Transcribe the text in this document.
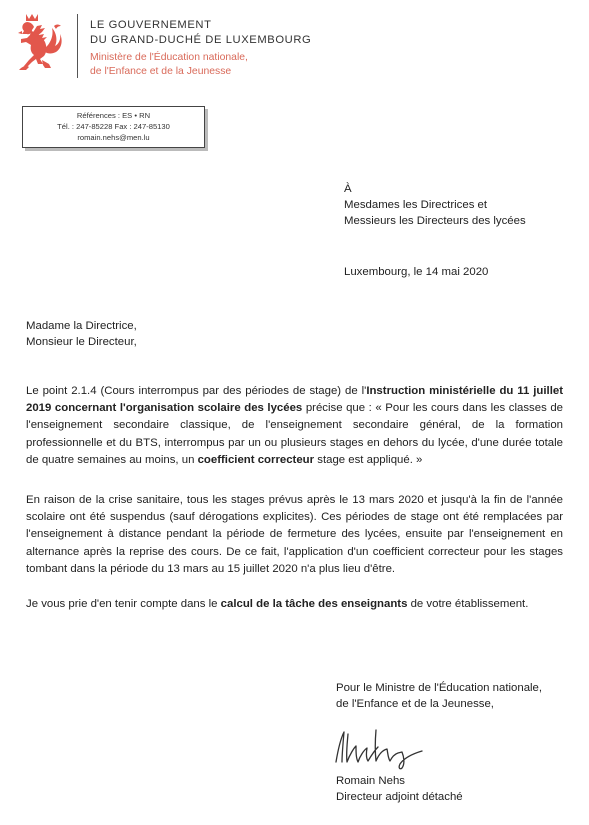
LE GOUVERNEMENT
DU GRAND-DUCHÉ DE LUXEMBOURG
Ministère de l'Éducation nationale,
de l'Enfance et de la Jeunesse
Références : ES • RN
Tél. : 247-85228 Fax : 247-85130
romain.nehs@men.lu
À
Mesdames les Directrices et
Messieurs les Directeurs des lycées
Luxembourg, le 14 mai 2020
Madame la Directrice,
Monsieur le Directeur,
Le point 2.1.4 (Cours interrompus par des périodes de stage) de l'Instruction ministérielle du 11 juillet 2019 concernant l'organisation scolaire des lycées précise que : « Pour les cours dans les classes de l'enseignement secondaire classique, de l'enseignement secondaire général, de la formation professionnelle et du BTS, interrompus par un ou plusieurs stages en dehors du lycée, d'une durée totale de quatre semaines au moins, un coefficient correcteur stage est appliqué. »
En raison de la crise sanitaire, tous les stages prévus après le 13 mars 2020 et jusqu'à la fin de l'année scolaire ont été suspendus (sauf dérogations explicites). Ces périodes de stage ont été remplacées par l'enseignement à distance pendant la période de fermeture des lycées, ensuite par l'enseignement en alternance après la reprise des cours. De ce fait, l'application d'un coefficient correcteur pour les stages tombant dans la période du 13 mars au 15 juillet 2020 n'a plus lieu d'être.
Je vous prie d'en tenir compte dans le calcul de la tâche des enseignants de votre établissement.
Pour le Ministre de l'Éducation nationale,
de l'Enfance et de la Jeunesse,
Romain Nehs
Directeur adjoint détaché
